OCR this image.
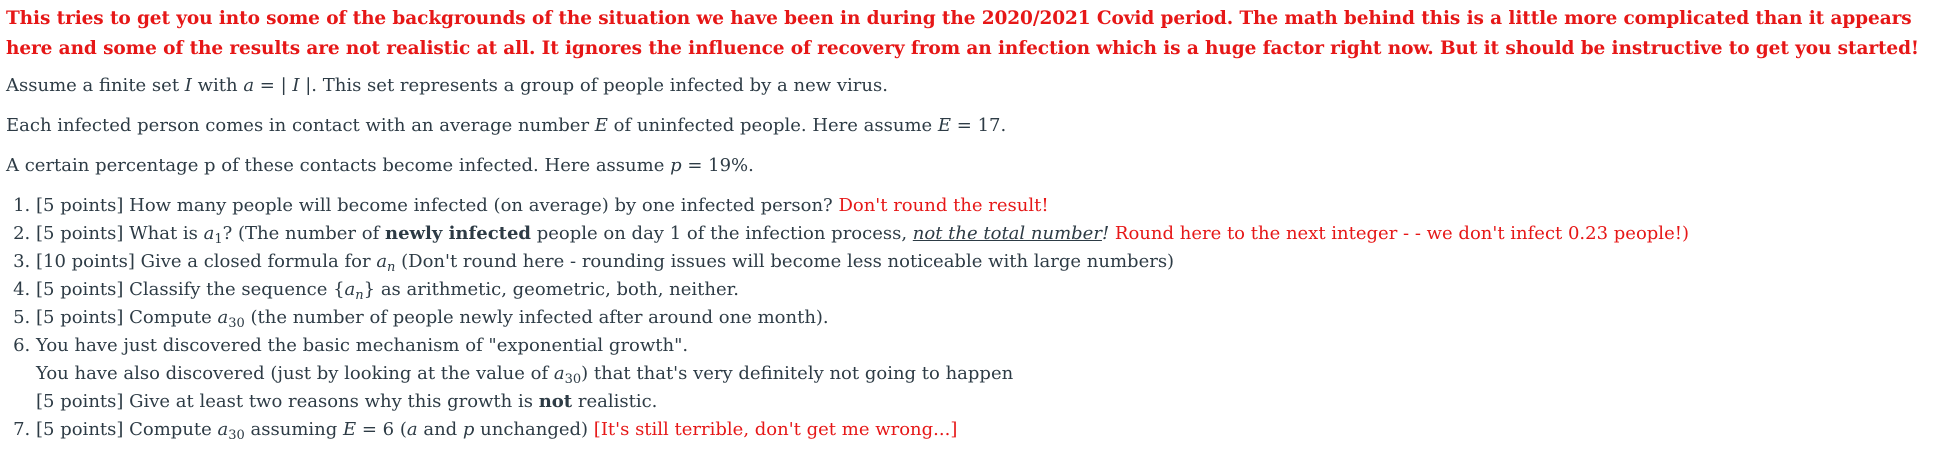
This tries to get you into some of the backgrounds of the situation we have been in during the 2020/2021 Covid period. The math behind this is a little more complicated than it appears here and some of the results are not realistic at all. It ignores the influence of recovery from an infection which is a huge factor right now. But it should be instructive to get you started!

Assume a finite set I with a = | I |. This set represents a group of people infected by a new virus.

Each infected person comes in contact with an average number E of uninfected people. Here assume E = 17.

A certain percentage p of these contacts become infected. Here assume p = 19%.

1. [5 points] How many people will become infected (on average) by one infected person? Don't round the result!
2. [5 points] What is $a_1$? (The number of newly infected people on day 1 of the infection process, not the total number! Round here to the next integer - - we don't infect 0.23 people!)
3. [10 points] Give a closed formula for $a_n$ (Don't round here - rounding issues will become less noticeable with large numbers)
4. [5 points] Classify the sequence $\{a_n\}$ as arithmetic, geometric, both, neither.
5. [5 points] Compute $a_{30}$ (the number of people newly infected after around one month).
6. You have just discovered the basic mechanism of "exponential growth".
You have also discovered (just by looking at the value of $a_{30}$) that that's very definitely not going to happen
[5 points] Give at least two reasons why this growth is not realistic.
7. [5 points] Compute $a_{30}$ assuming E = 6 (a and p unchanged) [It's still terrible, don't get me wrong...]
